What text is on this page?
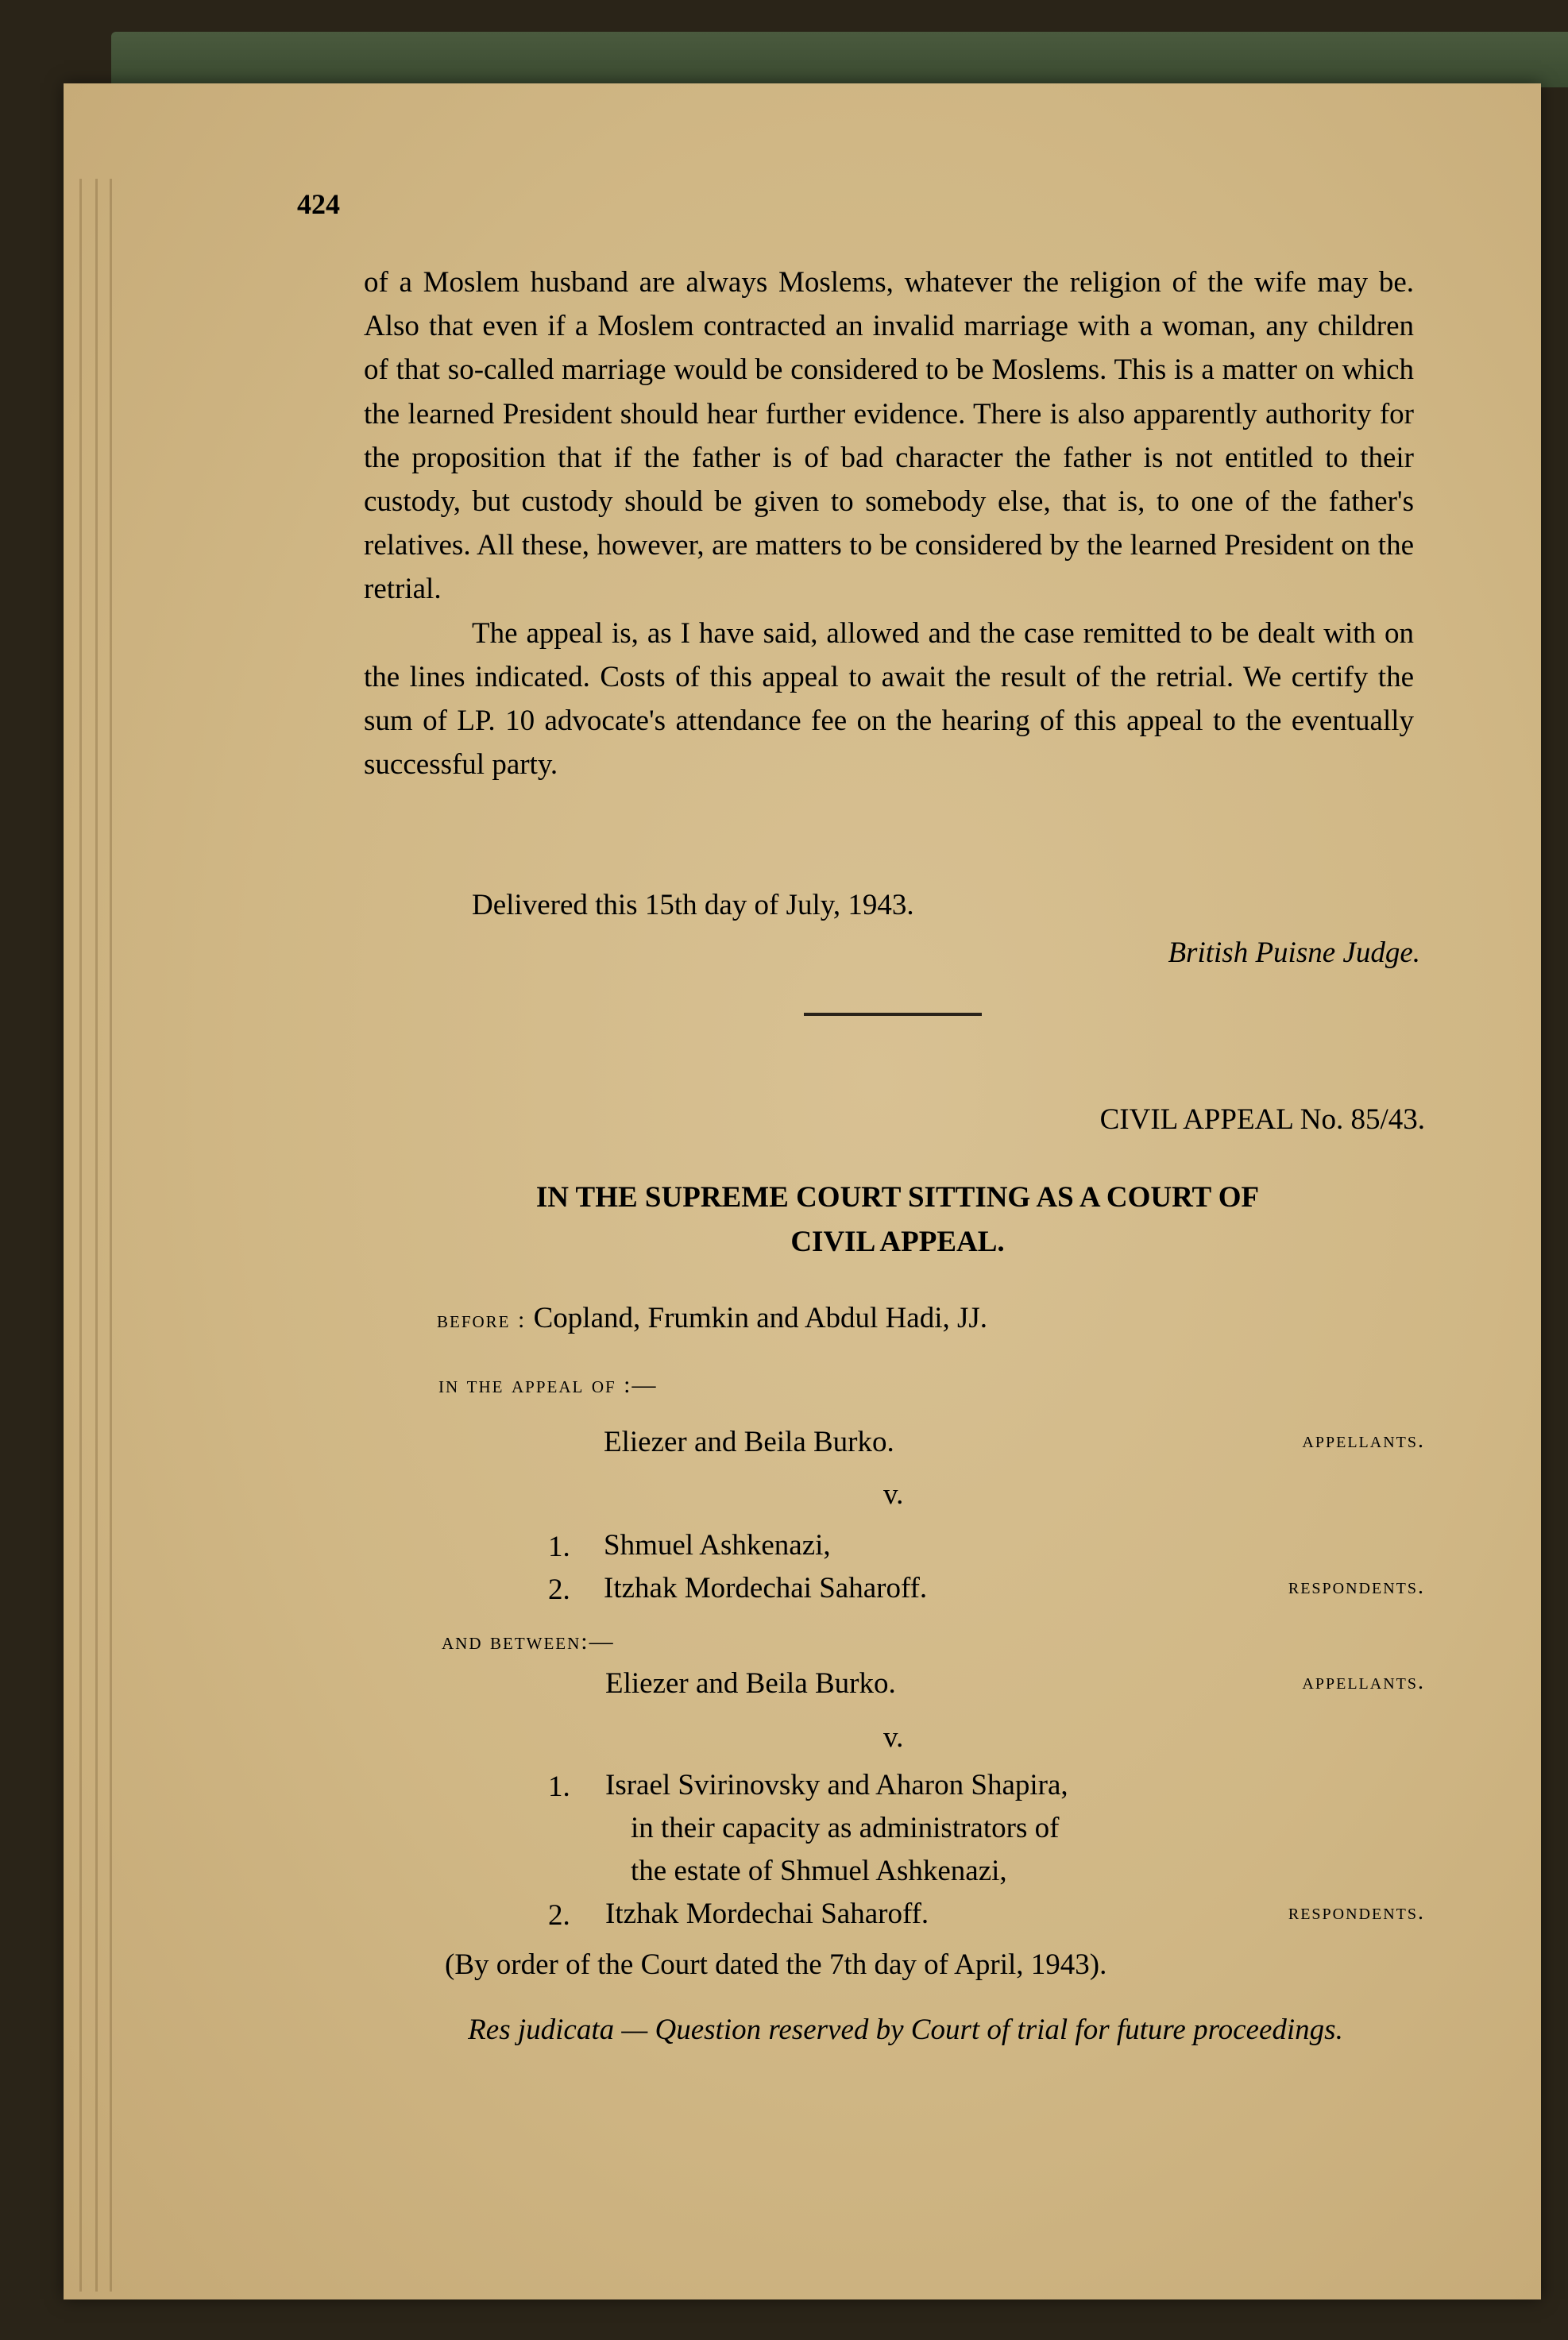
424

of a Moslem husband are always Moslems, whatever the religion of the wife may be. Also that even if a Moslem contracted an invalid marriage with a woman, any children of that so-called marriage would be considered to be Moslems. This is a matter on which the learned President should hear further evidence. There is also apparently authority for the proposition that if the father is of bad character the father is not entitled to their custody, but custody should be given to somebody else, that is, to one of the father's relatives. All these, however, are matters to be considered by the learned President on the retrial.

The appeal is, as I have said, allowed and the case remitted to be dealt with on the lines indicated. Costs of this appeal to await the result of the retrial. We certify the sum of LP. 10 advocate's attendance fee on the hearing of this appeal to the eventually successful party.

Delivered this 15th day of July, 1943.
British Puisne Judge.
CIVIL APPEAL No. 85/43.
IN THE SUPREME COURT SITTING AS A COURT OF
CIVIL APPEAL.
before : Copland, Frumkin and Abdul Hadi, JJ.
in the appeal of :—
Eliezer and Beila Burko.	appellants.
v.
1. Shmuel Ashkenazi,
2. Itzhak Mordechai Saharoff.	respondents.
and between:—
Eliezer and Beila Burko.	appellants.
v.
1. Israel Svirinovsky and Aharon Shapira,
in their capacity as administrators of
the estate of Shmuel Ashkenazi,
2. Itzhak Mordechai Saharoff.	respondents.
(By order of the Court dated the 7th day of April, 1943).
Res judicata — Question reserved by Court of trial for future proceedings.
